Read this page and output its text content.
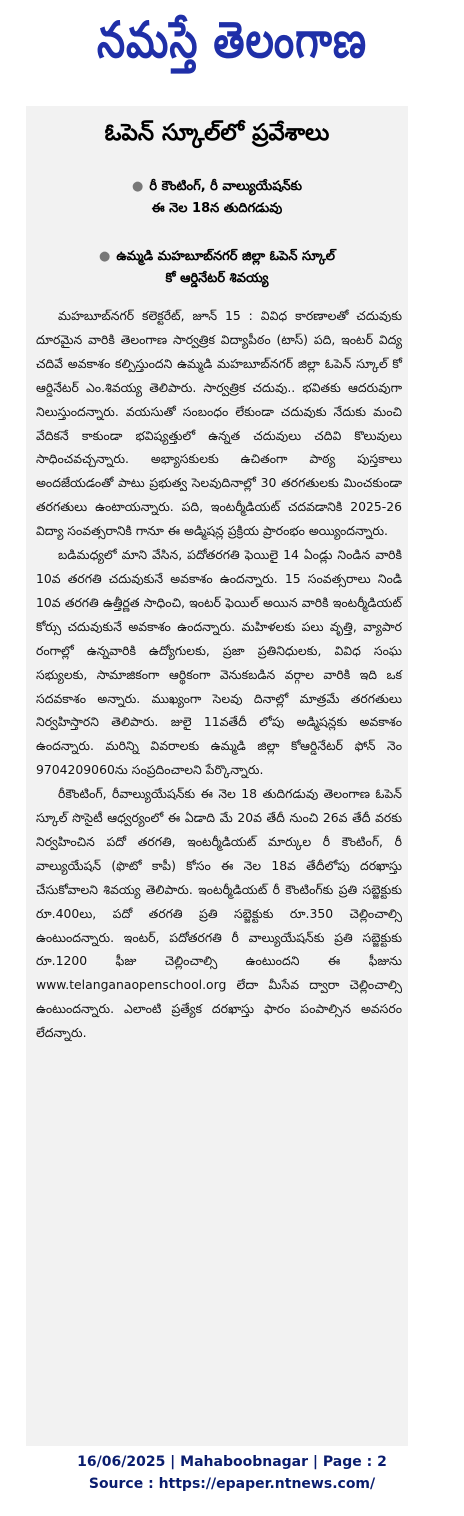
నమస్తే తెలంగాణ
ఓపెన్ స్కూల్‌లో ప్రవేశాలు
● రీ కౌంటింగ్, రీ వాల్యుయేషన్‌కు
ఈ నెల 18న తుదిగడువు
● ఉమ్మడి మహబూబ్‌నగర్ జిల్లా ఓపెన్ స్కూల్
కో ఆర్డినేటర్ శివయ్య

మహబూబ్‌నగర్ కలెక్టరేట్, జూన్ 15 : వివిధ కారణాలతో చదువుకు దూరమైన వారికి తెలంగాణ సార్వత్రిక విద్యాపీఠం (టాస్) పది, ఇంటర్ విద్య చదివే అవకాశం కల్పిస్తుందని ఉమ్మడి మహబూబ్‌నగర్ జిల్లా ఓపెన్ స్కూల్ కో ఆర్డినేటర్ ఎం.శివయ్య తెలిపారు. సార్వత్రిక చదువు.. భవితకు ఆదరువుగా నిలుస్తుందన్నారు. వయసుతో సంబంధం లేకుండా చదువుకు నేదుకు మంచి వేదికనే కాకుండా భవిష్యత్తులో ఉన్నత చదువులు చదివి కొలువులు సాధించవచ్చన్నారు. అభ్యాసకులకు ఉచితంగా పాఠ్య పుస్తకాలు అందజేయడంతో పాటు ప్రభుత్వ సెలవుదినాల్లో 30 తరగతులకు మించకుండా తరగతులు ఉంటాయన్నారు. పది, ఇంటర్మీడియట్ చదవడానికి 2025-26 విద్యా సంవత్సరానికి గానూ ఈ అడ్మిషన్ల ప్రక్రియ ప్రారంభం అయ్యిందన్నారు.

బడిమధ్యలో మాని వేసిన, పదోతరగతి ఫెయిలై 14 ఏండ్లు నిండిన వారికి 10వ తరగతి చదువుకునే అవకాశం ఉందన్నారు. 15 సంవత్సరాలు నిండి 10వ తరగతి ఉత్తీర్ణత సాధించి, ఇంటర్ ఫెయిల్ అయిన వారికి ఇంటర్మీడియట్ కోర్సు చదువుకునే అవకాశం ఉందన్నారు. మహిళలకు పలు వృత్తి, వ్యాపార రంగాల్లో ఉన్నవారికి ఉద్యోగులకు, ప్రజా ప్రతినిధులకు, వివిధ సంఘ సభ్యులకు, సామాజికంగా ఆర్థికంగా వెనుకబడిన వర్గాల వారికి ఇది ఒక సదవకాశం అన్నారు. ముఖ్యంగా సెలవు దినాల్లో మాత్రమే తరగతులు నిర్వహిస్తారని తెలిపారు. జులై 11వతేదీ లోపు అడ్మిషన్లకు అవకాశం ఉందన్నారు. మరిన్ని వివరాలకు ఉమ్మడి జిల్లా కోఆర్డినేటర్ ఫోన్ నెం 9704209060ను సంప్రదించాలని పేర్కొన్నారు.

రీకౌంటింగ్, రీవాల్యుయేషన్‌కు ఈ నెల 18 తుదిగడువు తెలంగాణ ఓపెన్ స్కూల్ సొసైటీ ఆధ్వర్యంలో ఈ ఏడాది మే 20వ తేదీ నుంచి 26వ తేదీ వరకు నిర్వహించిన పదో తరగతి, ఇంటర్మీడియట్ మార్కుల రీ కౌంటింగ్, రీ వాల్యుయేషన్ (ఫొటో కాపీ) కోసం ఈ నెల 18వ తేదీలోపు దరఖాస్తు చేసుకోవాలని శివయ్య తెలిపారు. ఇంటర్మీడియట్ రీ కౌంటింగ్‌కు ప్రతి సబ్జెక్టుకు రూ.400లు, పదో తరగతి ప్రతి సబ్జెక్టుకు రూ.350 చెల్లించాల్సి ఉంటుందన్నారు. ఇంటర్, పదోతరగతి రీ వాల్యుయేషన్‌కు ప్రతి సబ్జెక్టుకు రూ.1200 ఫీజు చెల్లించాల్సి ఉంటుందని ఈ ఫీజును www.telanganaopenschool.org లేదా మీసేవ ద్వారా చెల్లించాల్సి ఉంటుందన్నారు. ఎలాంటి ప్రత్యేక దరఖాస్తు ఫారం పంపాల్సిన అవసరం లేదన్నారు.

16/06/2025 | Mahaboobnagar | Page : 2
Source : https://epaper.ntnews.com/
